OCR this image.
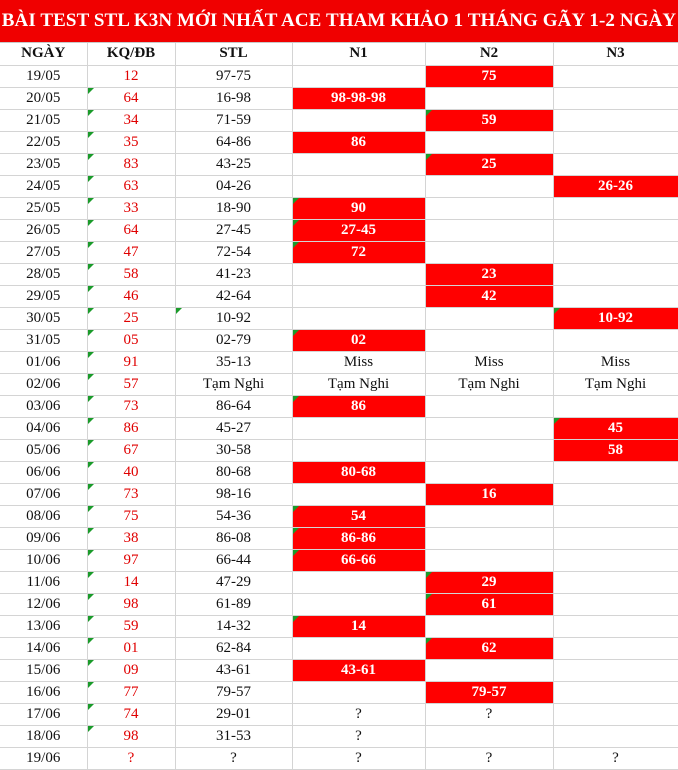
BÀI TEST STL K3N MỚI NHẤT ACE THAM KHẢO 1 THÁNG GÃY 1-2 NGÀY
NGÀY	KQ/ĐB	STL	N1	N2	N3
19/05	12	97-75		75	
20/05	64	16-98	98-98-98		
21/05	34	71-59		59

22/05	35	64-86	86		
23/05	83	43-25		25

24/05	63	04-26			26-26
25/05	33	18-90	90

26/05	64	27-45	27-45

27/05	47	72-54	72

28/05	58	41-23		23	
29/05	46	42-64		42	
30/05	25	10-92			10-92

31/05	05	02-79	02

01/06	91	35-13	Miss	Miss	Miss
02/06	57	Tạm Nghi	Tạm Nghi	Tạm Nghi	Tạm Nghi
03/06	73	86-64	86

04/06	86	45-27			45

05/06	67	30-58			58
06/06	40	80-68	80-68		
07/06	73	98-16		16	
08/06	75	54-36	54

09/06	38	86-08	86-86

10/06	97	66-44	66-66

11/06	14	47-29		29

12/06	98	61-89		61

13/06	59	14-32	14

14/06	01	62-84		62

15/06	09	43-61	43-61		
16/06	77	79-57		79-57	
17/06	74	29-01	?	?	
18/06	98	31-53	?		
19/06	?	?	?	?	?
